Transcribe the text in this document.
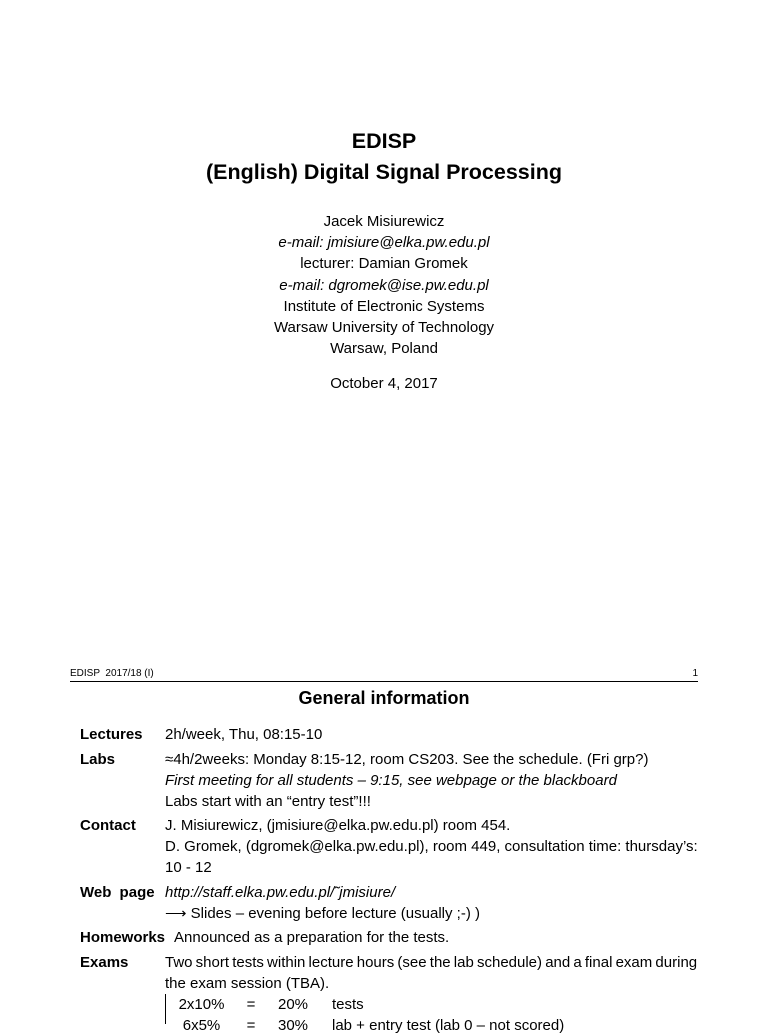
EDISP
(English) Digital Signal Processing
Jacek Misiurewicz
e-mail: jmisiure@elka.pw.edu.pl
lecturer: Damian Gromek
e-mail: dgromek@ise.pw.edu.pl
Institute of Electronic Systems
Warsaw University of Technology
Warsaw, Poland
October 4, 2017
EDISP  2017/18 (I)	1
General information
Lectures	2h/week, Thu, 08:15-10
Labs	≈4h/2weeks: Monday 8:15-12, room CS203. See the schedule. (Fri grp?)
First meeting for all students – 9:15, see webpage or the blackboard
Labs start with an “entry test”!!!
Contact	J. Misiurewicz, (jmisiure@elka.pw.edu.pl) room 454.
D. Gromek, (dgromek@elka.pw.edu.pl), room 449, consultation time: thursday’s:
10 - 12
Web page http://staff.elka.pw.edu.pl/˜jmisiure/
⟶ Slides – evening before lecture (usually ;-) )
Homeworks Announced as a preparation for the tests.
Exams	Two short tests within lecture hours (see the lab schedule) and a final exam during
the exam session (TBA).
2x10%	=	20%	tests
6x5%	=	30%	lab + entry test (lab 0 – not scored)
